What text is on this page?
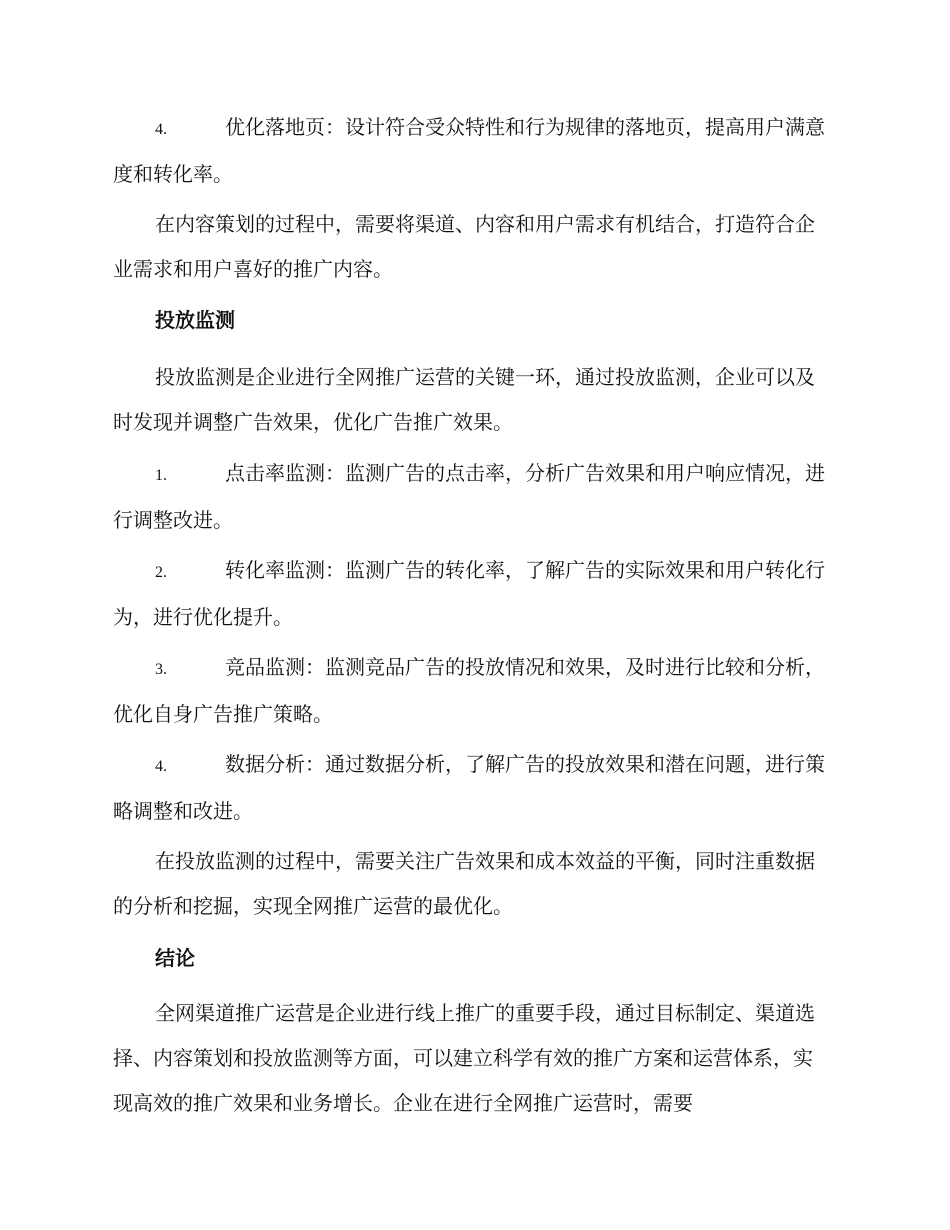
4.	优化落地页：设计符合受众特性和行为规律的落地页，提高用户满意度和转化率。

在内容策划的过程中，需要将渠道、内容和用户需求有机结合，打造符合企业需求和用户喜好的推广内容。

投放监测

投放监测是企业进行全网推广运营的关键一环，通过投放监测，企业可以及时发现并调整广告效果，优化广告推广效果。

1.	点击率监测：监测广告的点击率，分析广告效果和用户响应情况，进行调整改进。

2.	转化率监测：监测广告的转化率，了解广告的实际效果和用户转化行为，进行优化提升。

3.	竞品监测：监测竞品广告的投放情况和效果，及时进行比较和分析，优化自身广告推广策略。

4.	数据分析：通过数据分析，了解广告的投放效果和潜在问题，进行策略调整和改进。

在投放监测的过程中，需要关注广告效果和成本效益的平衡，同时注重数据的分析和挖掘，实现全网推广运营的最优化。

结论

全网渠道推广运营是企业进行线上推广的重要手段，通过目标制定、渠道选择、内容策划和投放监测等方面，可以建立科学有效的推广方案和运营体系，实现高效的推广效果和业务增长。企业在进行全网推广运营时，需要
